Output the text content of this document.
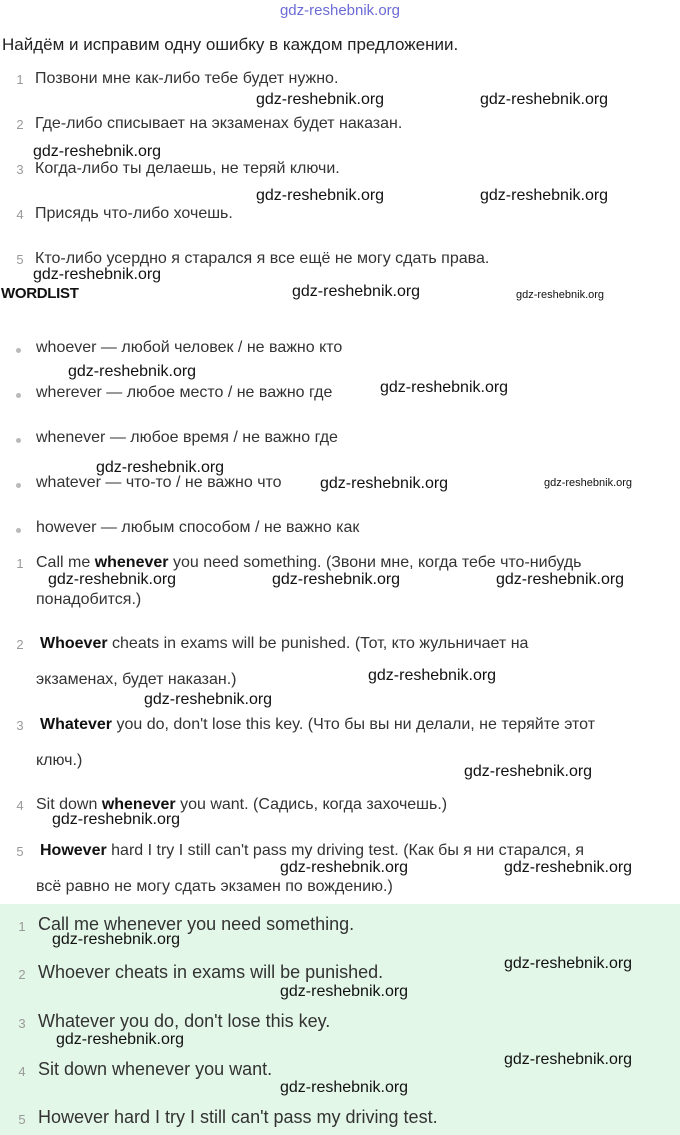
gdz-reshebnik.org
Найдём и исправим одну ошибку в каждом предложении.
1 Позвони мне как-либо тебе будет нужно.
2 Где-либо списывает на экзаменах будет наказан.
3 Когда-либо ты делаешь, не теряй ключи.
4 Присядь что-либо хочешь.
5 Кто-либо усердно я старался я все ещё не могу сдать права.
WORDLIST
whoever — любой человек / не важно кто
wherever — любое место / не важно где
whenever — любое время / не важно где
whatever — что-то / не важно что
however — любым способом / не важно как
1 Call me whenever you need something. (Звони мне, когда тебе что-нибудь
понадобится.)
2	Whoever cheats in exams will be punished. (Тот, кто жульничает на
экзаменах, будет наказан.)
3	Whatever you do, don't lose this key. (Что бы вы ни делали, не теряйте этот
ключ.)
4 Sit down whenever you want. (Садись, когда захочешь.)
5	However hard I try I still can't pass my driving test. (Как бы я ни старался, я
всё равно не могу сдать экзамен по вождению.)
1 Call me whenever you need something.
2 Whoever cheats in exams will be punished.
3 Whatever you do, don't lose this key.
4 Sit down whenever you want.
5 However hard I try I still can't pass my driving test.
gdz-reshebnik.org	gdz-reshebnik.org
gdz-reshebnik.org
gdz-reshebnik.org	gdz-reshebnik.org
gdz-reshebnik.org
gdz-reshebnik.org	gdz-reshebnik.org
gdz-reshebnik.org
gdz-reshebnik.org
gdz-reshebnik.org
gdz-reshebnik.org	gdz-reshebnik.org
gdz-reshebnik.org	gdz-reshebnik.org	gdz-reshebnik.org
gdz-reshebnik.org
gdz-reshebnik.org
gdz-reshebnik.org
gdz-reshebnik.org
gdz-reshebnik.org	gdz-reshebnik.org
gdz-reshebnik.org
gdz-reshebnik.org
gdz-reshebnik.org
gdz-reshebnik.org
gdz-reshebnik.org
gdz-reshebnik.org
